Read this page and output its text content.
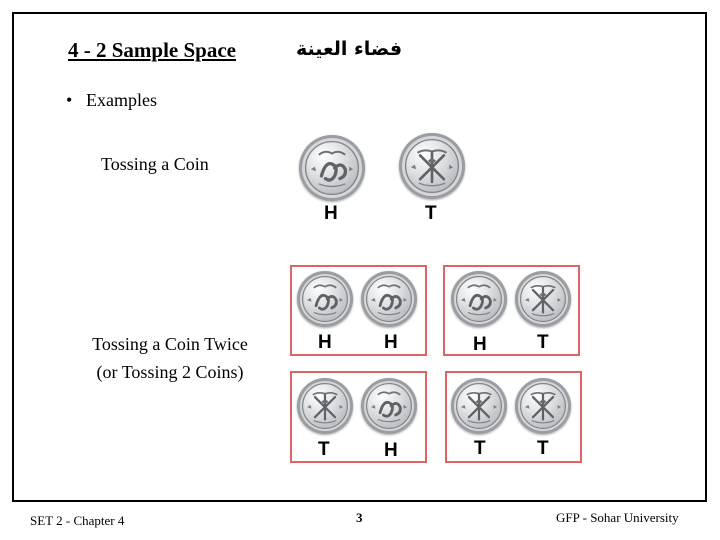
4 - 2 Sample Space	فضاء العينة
• Examples
Tossing a Coin
H	T
Tossing a Coin Twice
(or Tossing 2 Coins)
H	H	H	T
T	H	T	T
SET 2 - Chapter 4	3	GFP - Sohar University
